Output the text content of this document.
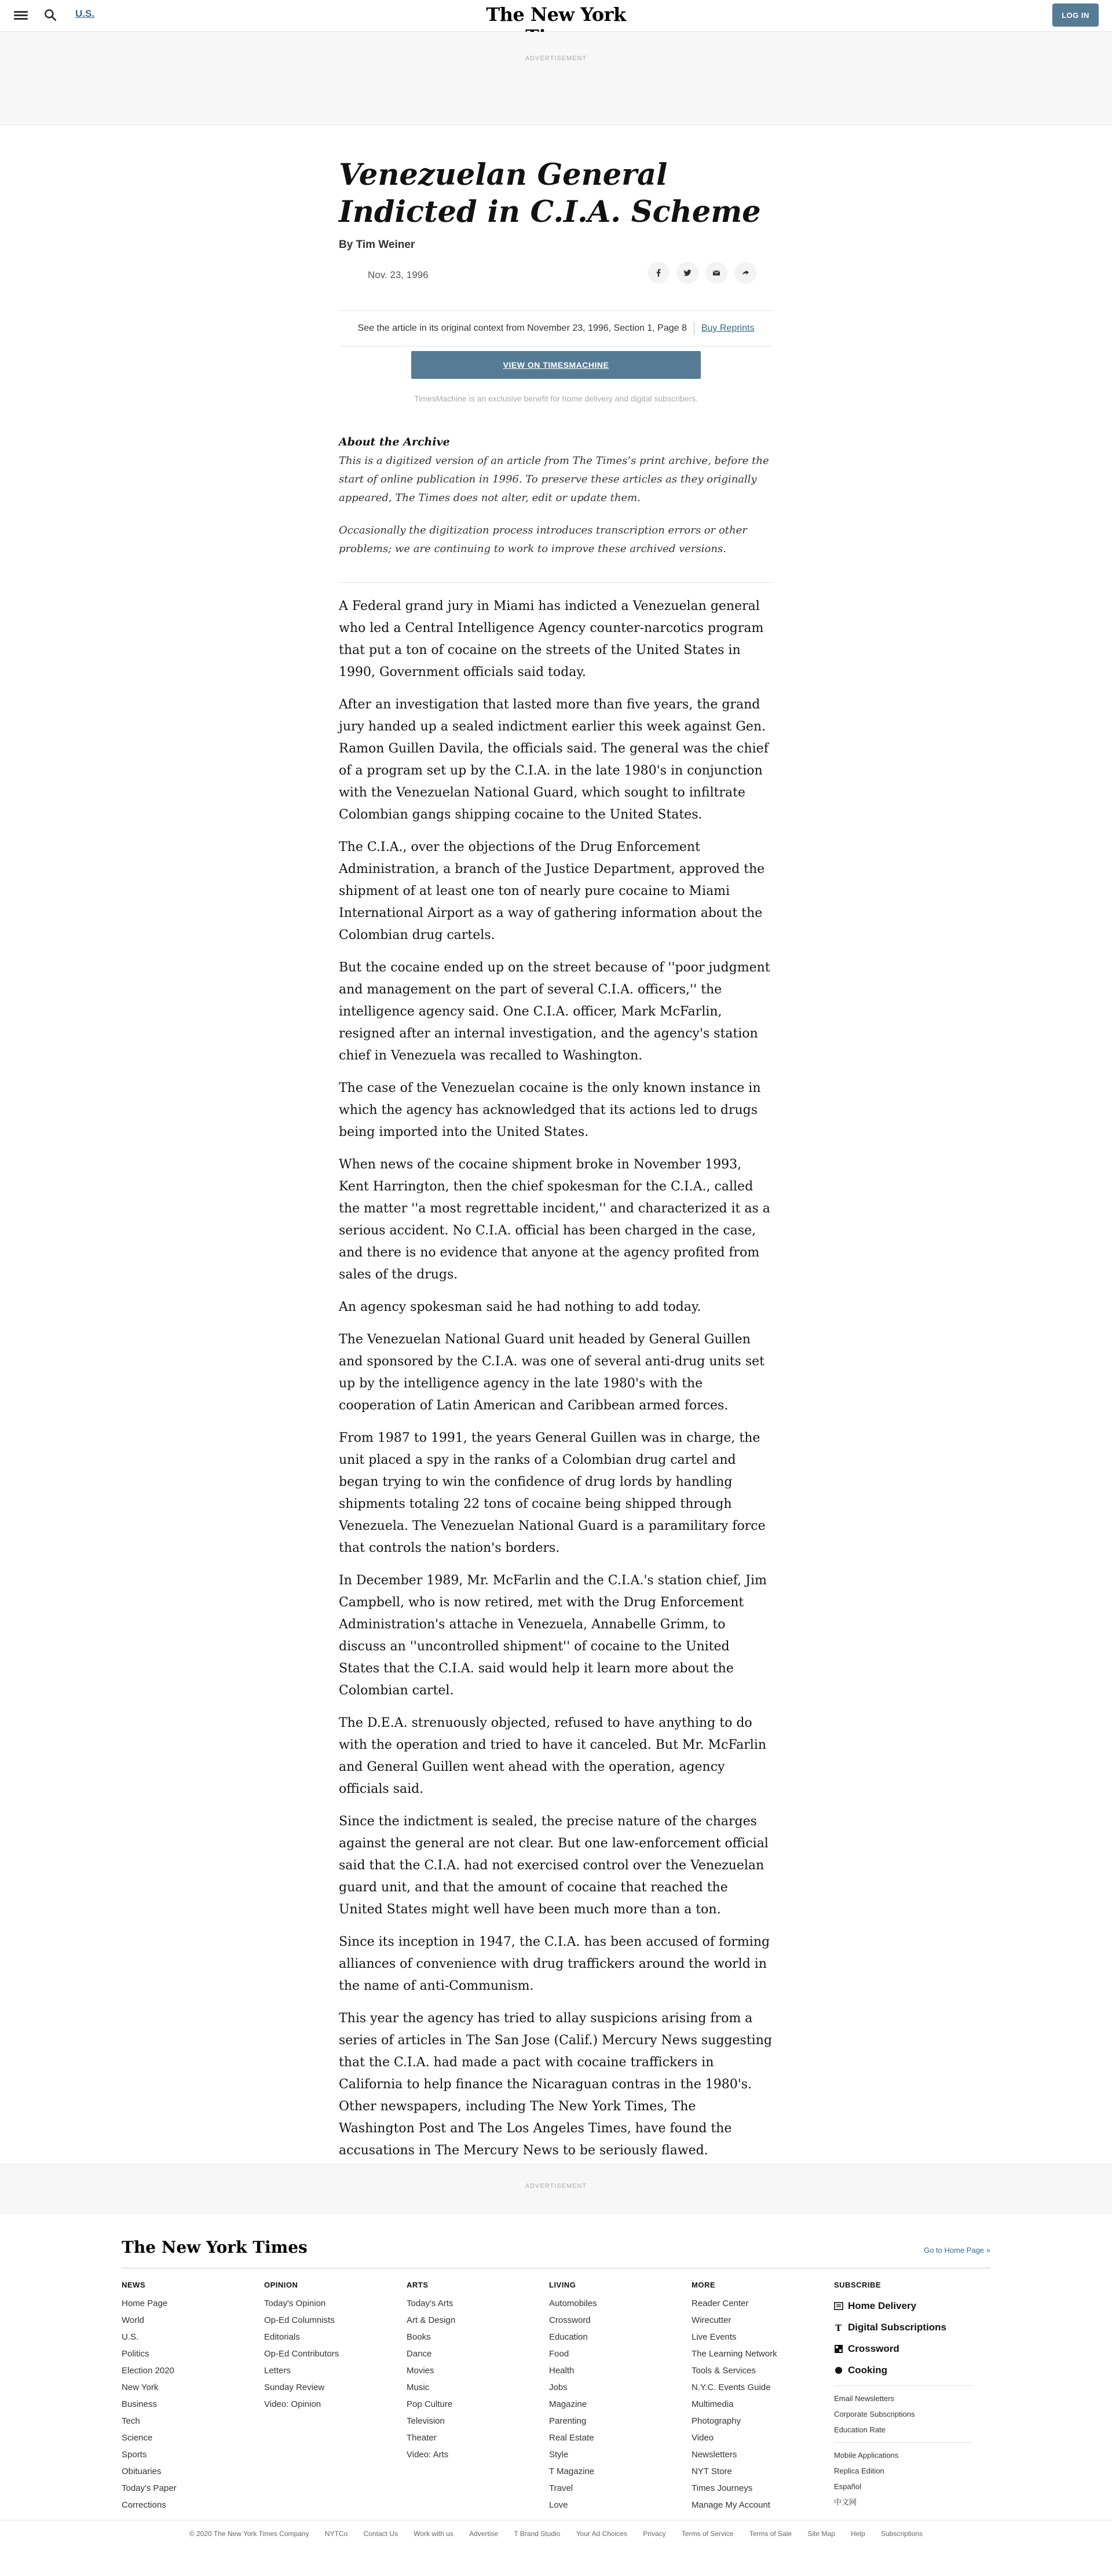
U.S.	The New York	LOG IN
ADVERTISEMENT
Venezuelan General Indicted in C.I.A. Scheme
By Tim Weiner
Nov. 23, 1996
See the article in its original context from November 23, 1996, Section 1, Page 8 Buy Reprints
VIEW ON TIMESMACHINE
TimesMachine is an exclusive benefit for home delivery and digital subscribers.
About the Archive

This is a digitized version of an article from The Times’s print archive, before the start of online publication in 1996. To preserve these articles as they originally appeared, The Times does not alter, edit or update them.

Occasionally the digitization process introduces transcription errors or other problems; we are continuing to work to improve these archived versions.

A Federal grand jury in Miami has indicted a Venezuelan general who led a Central Intelligence Agency counter-narcotics program that put a ton of cocaine on the streets of the United States in 1990, Government officials said today.

After an investigation that lasted more than five years, the grand jury handed up a sealed indictment earlier this week against Gen. Ramon Guillen Davila, the officials said. The general was the chief of a program set up by the C.I.A. in the late 1980's in conjunction with the Venezuelan National Guard, which sought to infiltrate Colombian gangs shipping cocaine to the United States.

The C.I.A., over the objections of the Drug Enforcement Administration, a branch of the Justice Department, approved the shipment of at least one ton of nearly pure cocaine to Miami International Airport as a way of gathering information about the Colombian drug cartels.

But the cocaine ended up on the street because of ''poor judgment and management on the part of several C.I.A. officers,'' the intelligence agency said. One C.I.A. officer, Mark McFarlin, resigned after an internal investigation, and the agency's station chief in Venezuela was recalled to Washington.

The case of the Venezuelan cocaine is the only known instance in which the agency has acknowledged that its actions led to drugs being imported into the United States.

When news of the cocaine shipment broke in November 1993, Kent Harrington, then the chief spokesman for the C.I.A., called the matter ''a most regrettable incident,'' and characterized it as a serious accident. No C.I.A. official has been charged in the case, and there is no evidence that anyone at the agency profited from sales of the drugs.

An agency spokesman said he had nothing to add today.

The Venezuelan National Guard unit headed by General Guillen and sponsored by the C.I.A. was one of several anti-drug units set up by the intelligence agency in the late 1980's with the cooperation of Latin American and Caribbean armed forces.

From 1987 to 1991, the years General Guillen was in charge, the unit placed a spy in the ranks of a Colombian drug cartel and began trying to win the confidence of drug lords by handling shipments totaling 22 tons of cocaine being shipped through Venezuela. The Venezuelan National Guard is a paramilitary force that controls the nation's borders.

In December 1989, Mr. McFarlin and the C.I.A.'s station chief, Jim Campbell, who is now retired, met with the Drug Enforcement Administration's attache in Venezuela, Annabelle Grimm, to discuss an ''uncontrolled shipment'' of cocaine to the United States that the C.I.A. said would help it learn more about the Colombian cartel.

The D.E.A. strenuously objected, refused to have anything to do with the operation and tried to have it canceled. But Mr. McFarlin and General Guillen went ahead with the operation, agency officials said.

Since the indictment is sealed, the precise nature of the charges against the general are not clear. But one law-enforcement official said that the C.I.A. had not exercised control over the Venezuelan guard unit, and that the amount of cocaine that reached the United States might well have been much more than a ton.

Since its inception in 1947, the C.I.A. has been accused of forming alliances of convenience with drug traffickers around the world in the name of anti-Communism.

This year the agency has tried to allay suspicions arising from a series of articles in The San Jose (Calif.) Mercury News suggesting that the C.I.A. had made a pact with cocaine traffickers in California to help finance the Nicaraguan contras in the 1980's. Other newspapers, including The New York Times, The Washington Post and The Los Angeles Times, have found the accusations in The Mercury News to be seriously flawed.

ADVERTISEMENT
The New York Times	Go to Home Page »
NEWS
Home Page
World
U.S.
Politics
Election 2020
New York
Business
Tech
Science
Sports
Obituaries
Today's Paper
Corrections
OPINION
Today's Opinion
Op-Ed Columnists
Editorials
Op-Ed Contributors
Letters
Sunday Review
Video: Opinion
ARTS
Today's Arts
Art & Design
Books
Dance
Movies
Music
Pop Culture
Television
Theater
Video: Arts
LIVING
Automobiles
Crossword
Education
Food
Health
Jobs
Magazine
Parenting
Real Estate
Style
T Magazine
Travel
Love
MORE
Reader Center
Wirecutter
Live Events
The Learning Network
Tools & Services
N.Y.C. Events Guide
Multimedia
Photography
Video
Newsletters
NYT Store
Times Journeys
Manage My Account
SUBSCRIBE
Home Delivery
T Digital Subscriptions
Crossword
Cooking
Email Newsletters
Corporate Subscriptions
Education Rate
Mobile Applications
Replica Edition
Español
中文网
© 2020 The New York Times Company NYTCo Contact Us Work with us Advertise T Brand Studio Your Ad Choices Privacy Terms of Service Terms of Sale Site Map Help Subscriptions
